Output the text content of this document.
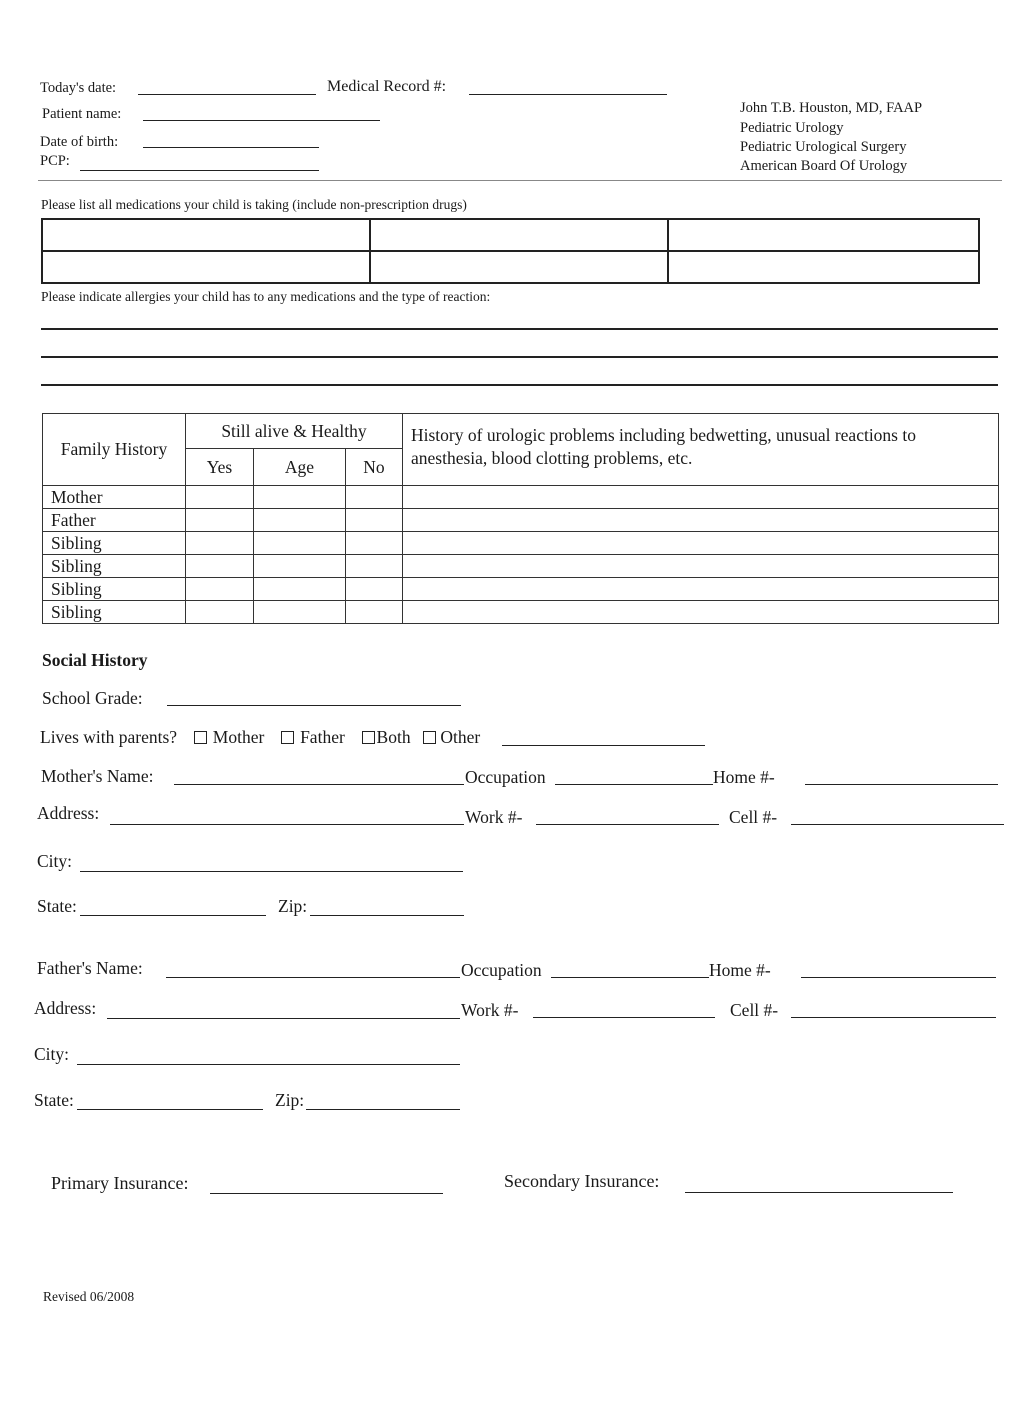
Today's date:	Medical Record #:
Patient name:
Date of birth:
PCP:
John T.B. Houston, MD, FAAP
Pediatric Urology
Pediatric Urological Surgery
American Board Of Urology
Please list all medications your child is taking (include non-prescription drugs)

Please indicate allergies your child has to any medications and the type of reaction:
Family History	Still alive & Healthy			History of urologic problems including bedwetting, unusual reactions to anesthesia, blood clotting problems, etc.
	Yes	Age	No	
Mother				
Father				
Sibling				
Sibling				
Sibling				
Sibling				
Social History
School Grade:
Lives with parents? Mother Father Both Other
Mother's Name:	Occupation	Home #-
Address:	Work #-	Cell #-
City:
State:	Zip:
Father's Name:	Occupation	Home #-
Address:	Work #-	Cell #-
City:
State:	Zip:
Primary Insurance:	Secondary Insurance:
Revised 06/2008
